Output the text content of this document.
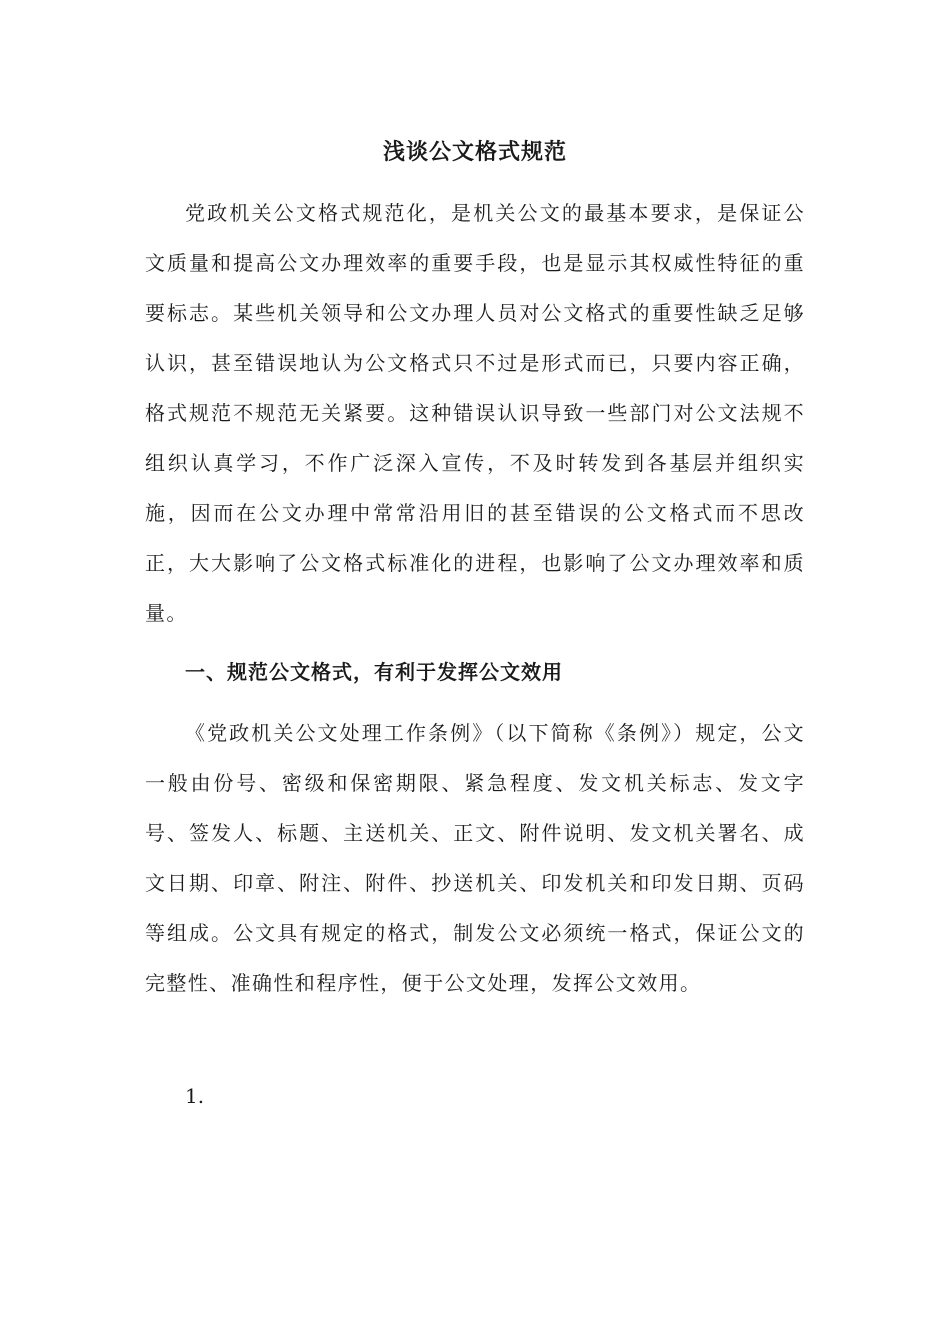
浅谈公文格式规范

党政机关公文格式规范化，是机关公文的最基本要求，是保证公文质量和提高公文办理效率的重要手段，也是显示其权威性特征的重要标志。某些机关领导和公文办理人员对公文格式的重要性缺乏足够认识，甚至错误地认为公文格式只不过是形式而已，只要内容正确，格式规范不规范无关紧要。这种错误认识导致一些部门对公文法规不组织认真学习，不作广泛深入宣传，不及时转发到各基层并组织实施，因而在公文办理中常常沿用旧的甚至错误的公文格式而不思改正，大大影响了公文格式标准化的进程，也影响了公文办理效率和质量。

一、规范公文格式，有利于发挥公文效用

《党政机关公文处理工作条例》（以下简称《条例》）规定，公文一般由份号、密级和保密期限、紧急程度、发文机关标志、发文字号、签发人、标题、主送机关、正文、附件说明、发文机关署名、成文日期、印章、附注、附件、抄送机关、印发机关和印发日期、页码等组成。公文具有规定的格式，制发公文必须统一格式，保证公文的完整性、准确性和程序性，便于公文处理，发挥公文效用。

1.
